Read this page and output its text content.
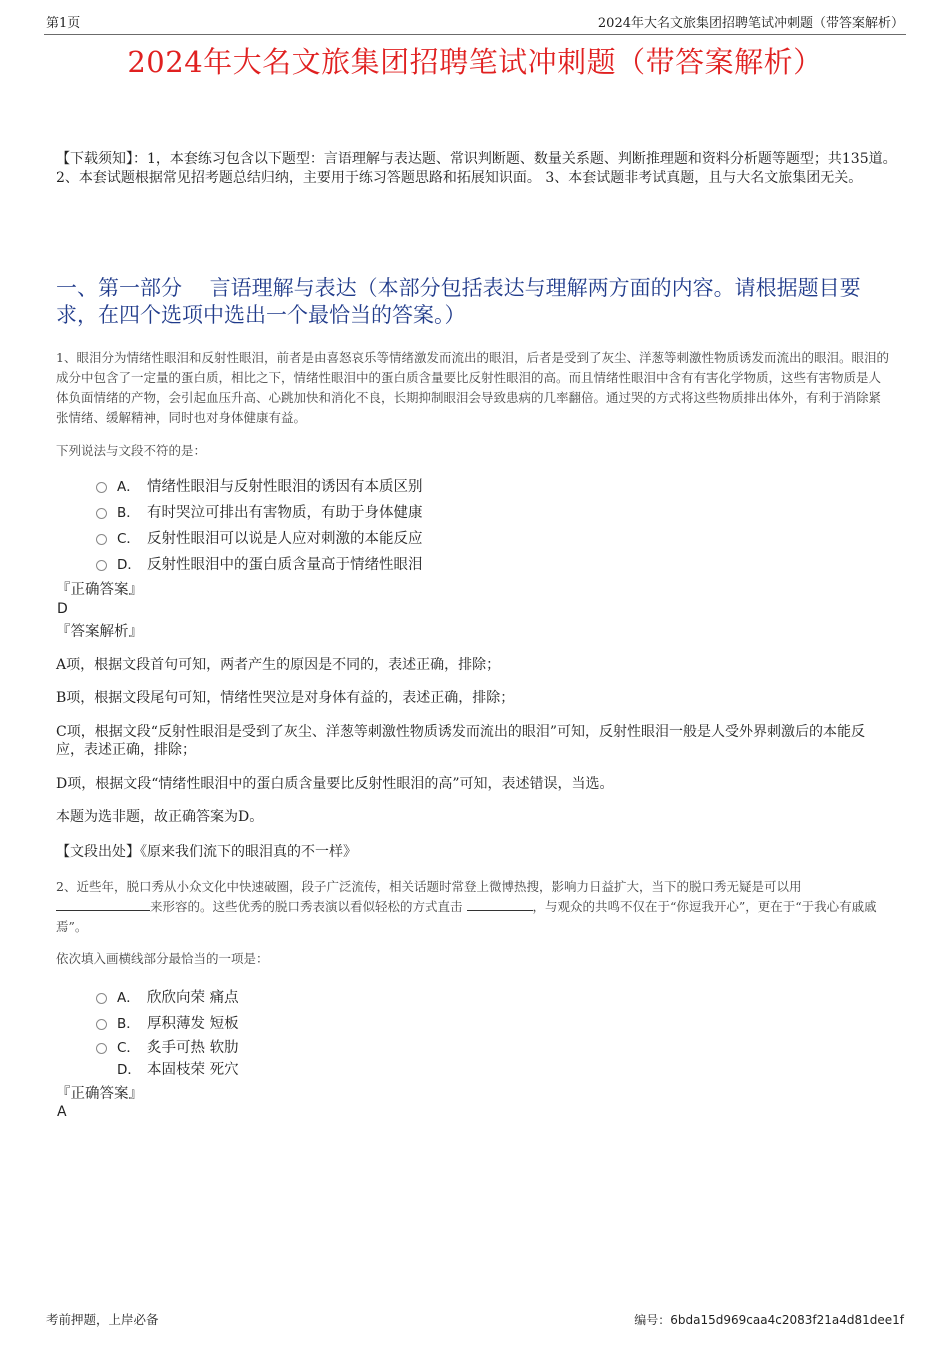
第1页	2024年大名文旅集团招聘笔试冲刺题（带答案解析）
2024年大名文旅集团招聘笔试冲刺题（带答案解析）
【下载须知】：1，本套练习包含以下题型：言语理解与表达题、常识判断题、数量关系题、判断推理题和资料分析题等题型；共135道。 2、本套试题根据常见招考题总结归纳，主要用于练习答题思路和拓展知识面。 3、本套试题非考试真题，且与大名文旅集团无关。
一、第一部分　 言语理解与表达（本部分包括表达与理解两方面的内容。请根据题目要求，在四个选项中选出一个最恰当的答案。）
1、眼泪分为情绪性眼泪和反射性眼泪，前者是由喜怒哀乐等情绪激发而流出的眼泪，后者是受到了灰尘、洋葱等刺激性物质诱发而流出的眼泪。眼泪的成分中包含了一定量的蛋白质，相比之下，情绪性眼泪中的蛋白质含量要比反射性眼泪的高。而且情绪性眼泪中含有有害化学物质，这些有害物质是人体负面情绪的产物，会引起血压升高、心跳加快和消化不良，长期抑制眼泪会导致患病的几率翻倍。通过哭的方式将这些物质排出体外，有利于消除紧张情绪、缓解精神，同时也对身体健康有益。
下列说法与文段不符的是：
A． 情绪性眼泪与反射性眼泪的诱因有本质区别
B． 有时哭泣可排出有害物质，有助于身体健康
C． 反射性眼泪可以说是人应对刺激的本能反应
D． 反射性眼泪中的蛋白质含量高于情绪性眼泪
『正确答案』
D
『答案解析』
A项，根据文段首句可知，两者产生的原因是不同的，表述正确，排除；
B项，根据文段尾句可知，情绪性哭泣是对身体有益的，表述正确，排除；
C项，根据文段“反射性眼泪是受到了灰尘、洋葱等刺激性物质诱发而流出的眼泪”可知，反射性眼泪一般是人受外界刺激后的本能反应，表述正确，排除；
D项，根据文段“情绪性眼泪中的蛋白质含量要比反射性眼泪的高”可知，表述错误，当选。
本题为选非题，故正确答案为D。
【文段出处】《原来我们流下的眼泪真的不一样》
2、近些年，脱口秀从小众文化中快速破圈，段子广泛流传，相关话题时常登上微博热搜，影响力日益扩大，当下的脱口秀无疑是可以用来形容的。这些优秀的脱口秀表演以看似轻松的方式直击	，与观众的共鸣不仅在于“你逗我开心”，更在于“于我心有戚戚焉”。
依次填入画横线部分最恰当的一项是：
A． 欣欣向荣 痛点
B． 厚积薄发 短板
C． 炙手可热 软肋
D． 本固枝荣 死穴
『正确答案』
A
考前押题，上岸必备	编号：6bda15d969caa4c2083f21a4d81dee1f
